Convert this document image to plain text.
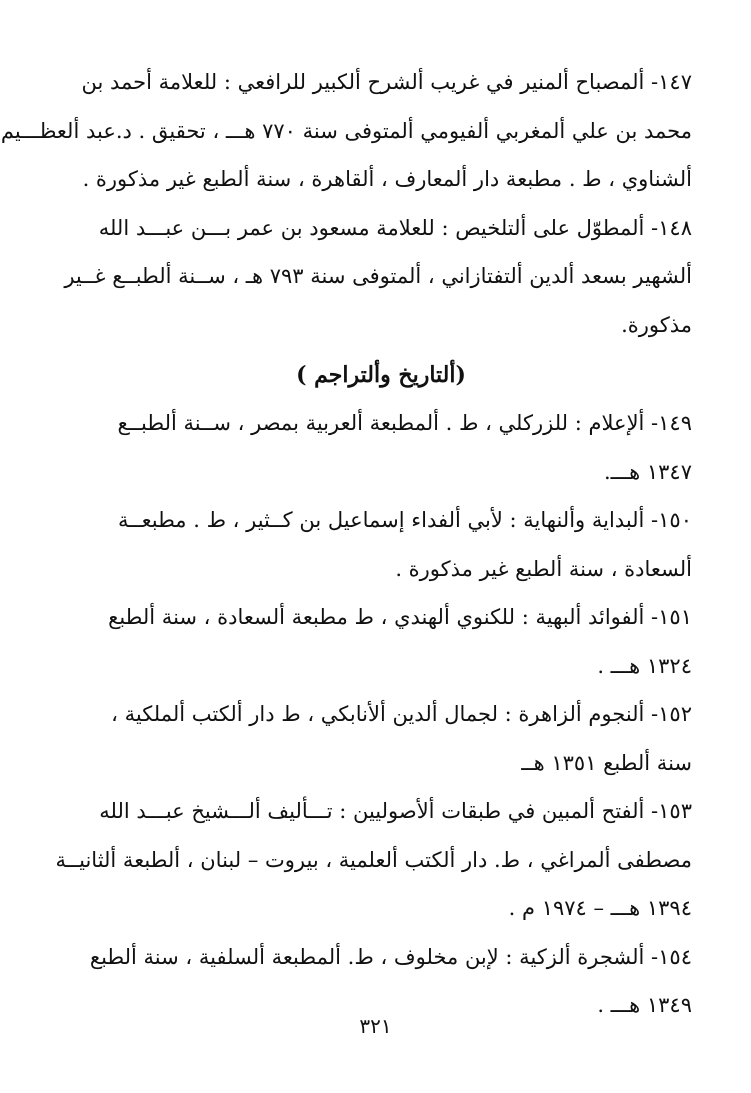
١٤٧- ألمصباح ألمنير في غريب ألشرح ألكبير للرافعي : للعلامة أحمد بن
محمد بن علي ألمغربي ألفيومي ألمتوفى سنة ٧٧٠ هـــ ، تحقيق . د.عبد ألعظـــيم
ألشناوي ، ط . مطبعة دار ألمعارف ، ألقاهرة ، سنة ألطبع غير مذكورة .

١٤٨- ألمطوّل على ألتلخيص : للعلامة مسعود بن عمر بـــن عبـــد الله
ألشهير بسعد ألدين ألتفتازاني ، ألمتوفى سنة ٧٩٣ هـ ، ســنة ألطبــع غــير
مذكورة.

(ألتاريخ وألتراجم )

١٤٩- ألإعلام : للزركلي ، ط . ألمطبعة ألعربية بمصر ، ســنة ألطبــع
١٣٤٧ هـــ.

١٥٠- ألبداية وألنهاية : لأبي ألفداء إسماعيل بن كــثير ، ط . مطبعــة
ألسعادة ، سنة ألطبع غير مذكورة .

١٥١- ألفوائد ألبهية : للكنوي ألهندي ، ط مطبعة ألسعادة ، سنة ألطبع
١٣٢٤ هـــ .

١٥٢- ألنجوم ألزاهرة : لجمال ألدين ألأنابكي ، ط دار ألكتب ألملكية ،
سنة ألطبع ١٣٥١ هــ

١٥٣- ألفتح ألمبين في طبقات ألأصوليين : تـــأليف ألـــشيخ عبـــد الله
مصطفى ألمراغي ، ط. دار ألكتب ألعلمية ، بيروت – لبنان ، ألطبعة ألثانيــة
١٣٩٤ هـــ – ١٩٧٤ م .

١٥٤- ألشجرة ألزكية : لإبن مخلوف ، ط. ألمطبعة ألسلفية ، سنة ألطبع
١٣٤٩ هـــ .

٣٢١
